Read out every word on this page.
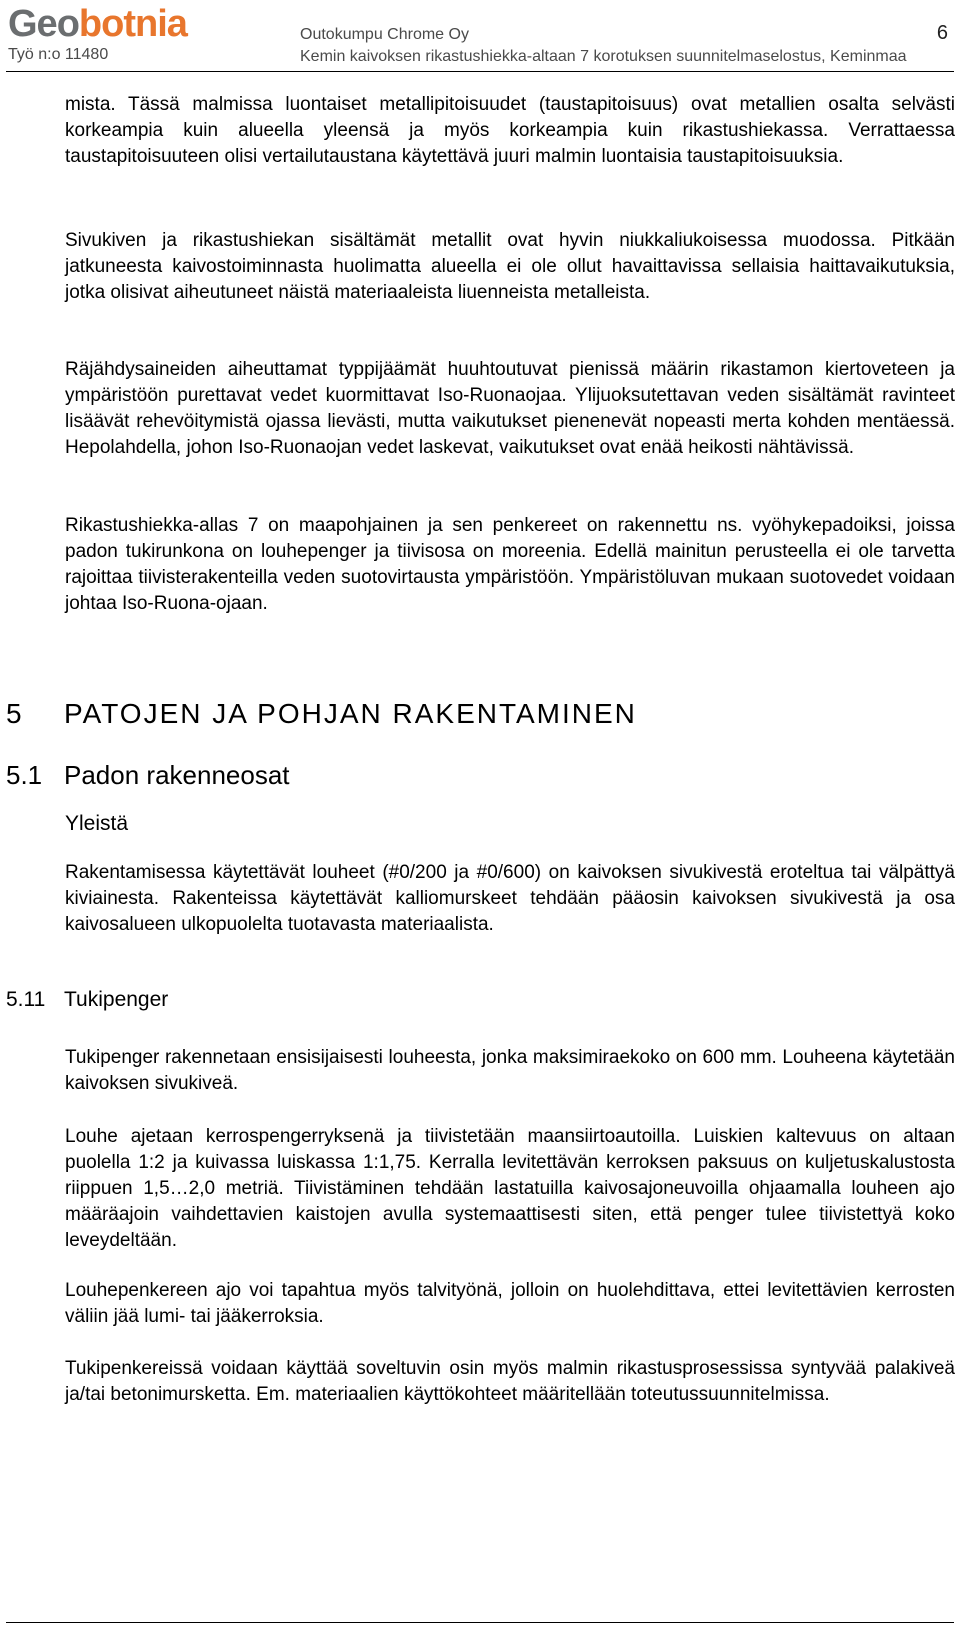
Geobotnia
Työ n:o 11480
Outokumpu Chrome Oy
Kemin kaivoksen rikastushiekka-altaan 7 korotuksen suunnitelmaselostus, Keminmaa
6
mista. Tässä malmissa luontaiset metallipitoisuudet (taustapitoisuus) ovat metallien osalta selvästi korkeampia kuin alueella yleensä ja myös korkeampia kuin rikastushiekassa. Verrattaessa taustapitoisuuteen olisi vertailutaustana käytettävä juuri malmin luontaisia taustapitoisuuksia.
Sivukiven ja rikastushiekan sisältämät metallit ovat hyvin niukkaliukoisessa muodossa. Pitkään jatkuneesta kaivostoiminnasta huolimatta alueella ei ole ollut havaittavissa sellaisia haittavaikutuksia, jotka olisivat aiheutuneet näistä materiaaleista liuenneista metalleista.
Räjähdysaineiden aiheuttamat typpijäämät huuhtoutuvat pienissä määrin rikastamon kiertoveteen ja ympäristöön purettavat vedet kuormittavat Iso-Ruonaojaa. Ylijuoksutettavan veden sisältämät ravinteet lisäävät rehevöitymistä ojassa lievästi, mutta vaikutukset pienenevät nopeasti merta kohden mentäessä. Hepolahdella, johon Iso-Ruonaojan vedet laskevat, vaikutukset ovat enää heikosti nähtävissä.
Rikastushiekka-allas 7 on maapohjainen ja sen penkereet on rakennettu ns. vyöhykepadoiksi, joissa padon tukirunkona on louhepenger ja tiivisosa on moreenia. Edellä mainitun perusteella ei ole tarvetta rajoittaa tiivisterakenteilla veden suotovirtausta ympäristöön. Ympäristöluvan mukaan suotovedet voidaan johtaa Iso-Ruona-ojaan.
5 PATOJEN JA POHJAN RAKENTAMINEN
5.1 Padon rakenneosat
Yleistä
Rakentamisessa käytettävät louheet (#0/200 ja #0/600) on kaivoksen sivukivestä eroteltua tai välpättyä kiviainesta. Rakenteissa käytettävät kalliomurskeet tehdään pääosin kaivoksen sivukivestä ja osa kaivosalueen ulkopuolelta tuotavasta materiaalista.
5.11 Tukipenger
Tukipenger rakennetaan ensisijaisesti louheesta, jonka maksimiraekoko on 600 mm. Louheena käytetään kaivoksen sivukiveä.
Louhe ajetaan kerrospengerryksenä ja tiivistetään maansiirtoautoilla. Luiskien kaltevuus on altaan puolella 1:2 ja kuivassa luiskassa 1:1,75. Kerralla levitettävän kerroksen paksuus on kuljetuskalustosta riippuen 1,5…2,0 metriä. Tiivistäminen tehdään lastatuilla kaivosajoneuvoilla ohjaamalla louheen ajo määräajoin vaihdettavien kaistojen avulla systemaattisesti siten, että penger tulee tiivistettyä koko leveydeltään.
Louhepenkereen ajo voi tapahtua myös talvityönä, jolloin on huolehdittava, ettei levitettävien kerrosten väliin jää lumi- tai jääkerroksia.
Tukipenkereissä voidaan käyttää soveltuvin osin myös malmin rikastusprosessissa syntyvää palakiveä ja/tai betonimursketta. Em. materiaalien käyttökohteet määritellään toteutussuunnitelmissa.
